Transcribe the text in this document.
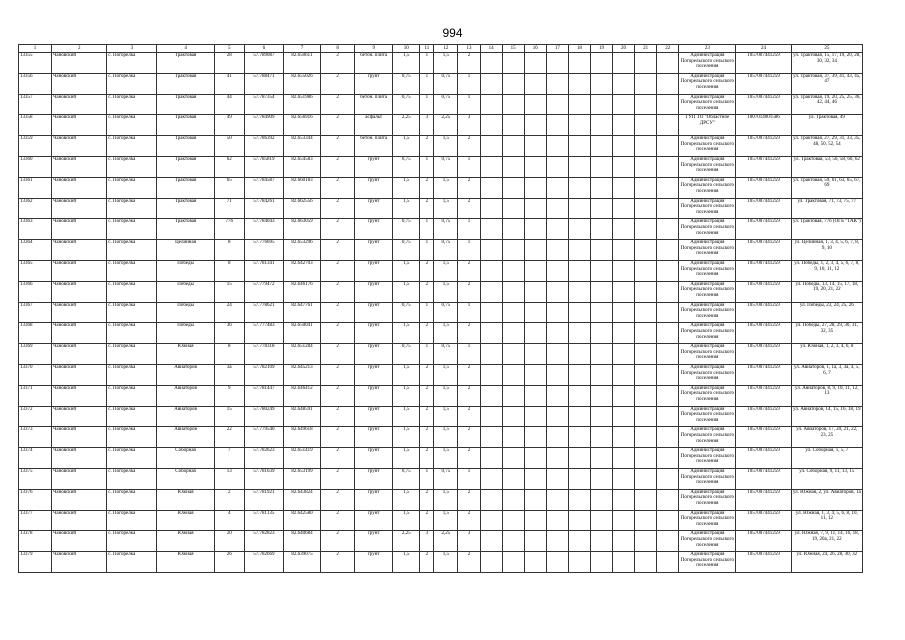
994
1	2	3	4	5	6	7	8	9	10	11	12	13	14	15	16	17	18	19	20	21	22	23	24	25
13355	Чановский	с. Погорелка	Трактовая	28	57.789087	82.650611	2	бетон. плита	1,5	1	1,5	2										Администрация Погорельского сельского поселения	1057007441259	ул. Трактовая, 15, 17, 19, 20, 28, 30, 32, 34
13356	Чановский	с. Погорелка	Трактовая	41	57.788471	82.655026	2	грунт	0,75	1	0,75	1										Администрация Погорельского сельского поселения	1057007441259	ул. Трактовая, 37, 39, 41, 43, 45, 47
13357	Чановский	с. Погорелка	Трактовая	44	57.787354	82.651986	2	бетон. плита	0,75	1	0,75	1										Администрация Погорельского сельского поселения	1057007441259	ул. Трактовая, 19, 20, 25, 25, 36, 42, 44, 46
13358	Чановский	с. Погорелка	Трактовая	49	57.784909	82.656916	2	асфальт	2,25	3	2,25	3										ГУП ТО "Областное ДРСУ"	1007014001586	ул. Трактовая, 49
13359	Чановский	с. Погорелка	Трактовая	50	57.786392	82.653344	2	бетон. плита	1,5	2	1,5	2										Администрация Погорельского сельского поселения	1057007441259	ул. Трактовая, 27, 29, 31, 33, 35, 48, 50, 52, 54
13360	Чановский	с. Погорелка	Трактовая	62	57.785819	82.654583	2	грунт	0,75	1	0,75	1										Администрация Погорельского сельского поселения	1057007441259	ул. Трактовая, 53, 56, 58, 60, 62
13361	Чановский	с. Погорелка	Трактовая	65	57.784587	82.660183	2	грунт	1,5	2	1,5	2										Администрация Погорельского сельского поселения	1057007441259	ул. Трактовая, 59, 61, 63, 65, 67, 69
13362	Чановский	с. Погорелка	Трактовая	71	57.784261	82.662556	2	грунт	1,5	2	1,5	2										Администрация Погорельского сельского поселения	1057007441259	ул. Трактовая, 71, 73, 75, 77
13363	Чановский	с. Погорелка	Трактовая	776	57.784043	82.663059	2	грунт	0,75	1	0,75	1										Администрация Погорельского сельского поселения	1057007441259	ул. Трактовая, 77б (ОГБ "ТАК")
13364	Чановский	с. Погорелка	Целинная	8	57.776695	82.653296	2	грунт	0,75	1	0,75	1										Администрация Погорельского сельского поселения	1057007441259	ул. Целинная, 1, 3, 4, 5, 6, 7, 8, 9, 10
13365	Чановский	с. Погорелка	Победы	8	57.781341	82.642703	2	грунт	1,5	2	1,5	2										Администрация Погорельского сельского поселения	1057007441259	ул. Победы, 1, 2, 3, 4, 5, 6, 7, 8, 9, 10, 11, 12
13366	Чановский	с. Погорелка	Победы	15	57.779472	82.646176	2	грунт	1,5	2	1,5	2										Администрация Погорельского сельского поселения	1057007441259	ул. Победы, 13, 14, 15, 17, 18, 19, 20, 21, 22
13367	Чановский	с. Погорелка	Победы	24	57.778621	82.647761	2	грунт	0,75	1	0,75	1										Администрация Погорельского сельского поселения	1057007441259	ул. Победы, 23, 24, 25, 26
13368	Чановский	с. Погорелка	Победы	36	57.777483	82.650041	2	грунт	1,5	2	1,5	2										Администрация Погорельского сельского поселения	1057007441259	ул. Победы, 27, 28, 29, 30, 31, 32, 35
13369	Чановский	с. Погорелка	Южная	8	57.778318	82.651284	2	грунт	0,75	1	0,75	1										Администрация Погорельского сельского поселения	1057007441259	ул. Южная, 1, 2, 3, 4, 6, 8
13370	Чановский	с. Погорелка	Авиаторов	3а	57.782109	82.645213	2	грунт	1,5	2	1,5	2										Администрация Погорельского сельского поселения	1057007441259	ул. Авиаторов, 1, 1а, 3, 3а, 4, 5, 6, 7
13371	Чановский	с. Погорелка	Авиаторов	9	57.781447	82.646412	2	грунт	1,5	2	1,5	2										Администрация Погорельского сельского поселения	1057007441259	ул. Авиаторов, 8, 9, 10, 11, 12, 13
13372	Чановский	с. Погорелка	Авиаторов	15	57.780249	82.648591	2	грунт	1,5	2	1,5	2										Администрация Погорельского сельского поселения	1057007441259	ул. Авиаторов, 14, 15, 16, 18, 19
13373	Чановский	с. Погорелка	Авиаторов	22	57.779540	82.649618	2	грунт	1,5	2	1,5	2										Администрация Погорельского сельского поселения	1057007441259	ул. Авиаторов, 17, 20, 21, 22, 23, 25
13374	Чановский	с. Погорелка	Соборная	7	57.782623	82.651419	2	грунт	1,5	2	1,5	2										Администрация Погорельского сельского поселения	1057007441259	ул. Соборная, 1, 5, 7
13375	Чановский	с. Погорелка	Соборная	13	57.781639	82.653199	2	грунт	0,75	1	0,75	1										Администрация Погорельского сельского поселения	1057007441259	ул. Соборная, 9, 11, 13, 15
13376	Чановский	с. Погорелка	Южная	2	57.781921	82.643824	2	грунт	1,5	2	1,5	2										Администрация Погорельского сельского поселения	1057007441259	ул. Южная, 2, ул. Авиаторов, 1а
13377	Чановский	с. Погорелка	Южная	4	57.781135	82.642580	2	грунт	1,5	2	1,5	2										Администрация Погорельского сельского поселения	1057007441259	ул. Южная, 1, 3, 4, 5, 6, 8, 10, 11, 12
13378	Чановский	с. Погорелка	Южная	20	57.782823	82.640684	2	грунт	2,25	3	2,25	3										Администрация Погорельского сельского поселения	1057007441259	ул. Южная, 7, 9, 11, 14, 16, 18, 19, 20а, 21, 22
13379	Чановский	с. Погорелка	Южная	26	57.782669	82.639075	2	грунт	1,5	2	1,5	2										Администрация Погорельского сельского поселения	1057007441259	ул. Южная, 24, 26, 28, 30, 32
